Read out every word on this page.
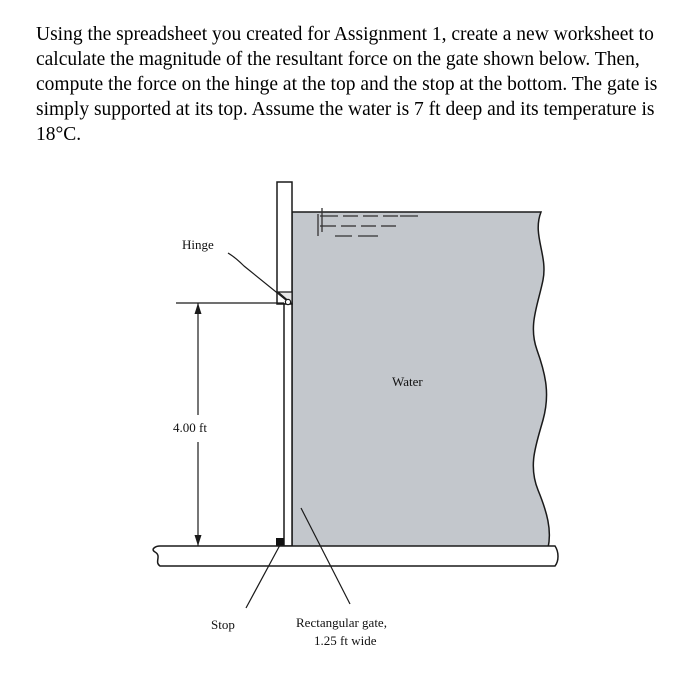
Using the spreadsheet you created for Assignment 1, create a new worksheet to calculate the magnitude of the resultant force on the gate shown below. Then, compute the force on the hinge at the top and the stop at the bottom. The gate is simply supported at its top. Assume the water is 7 ft deep and its temperature is 18°C.

Hinge
Water
4.00 ft
Stop	Rectangular gate,
1.25 ft wide
